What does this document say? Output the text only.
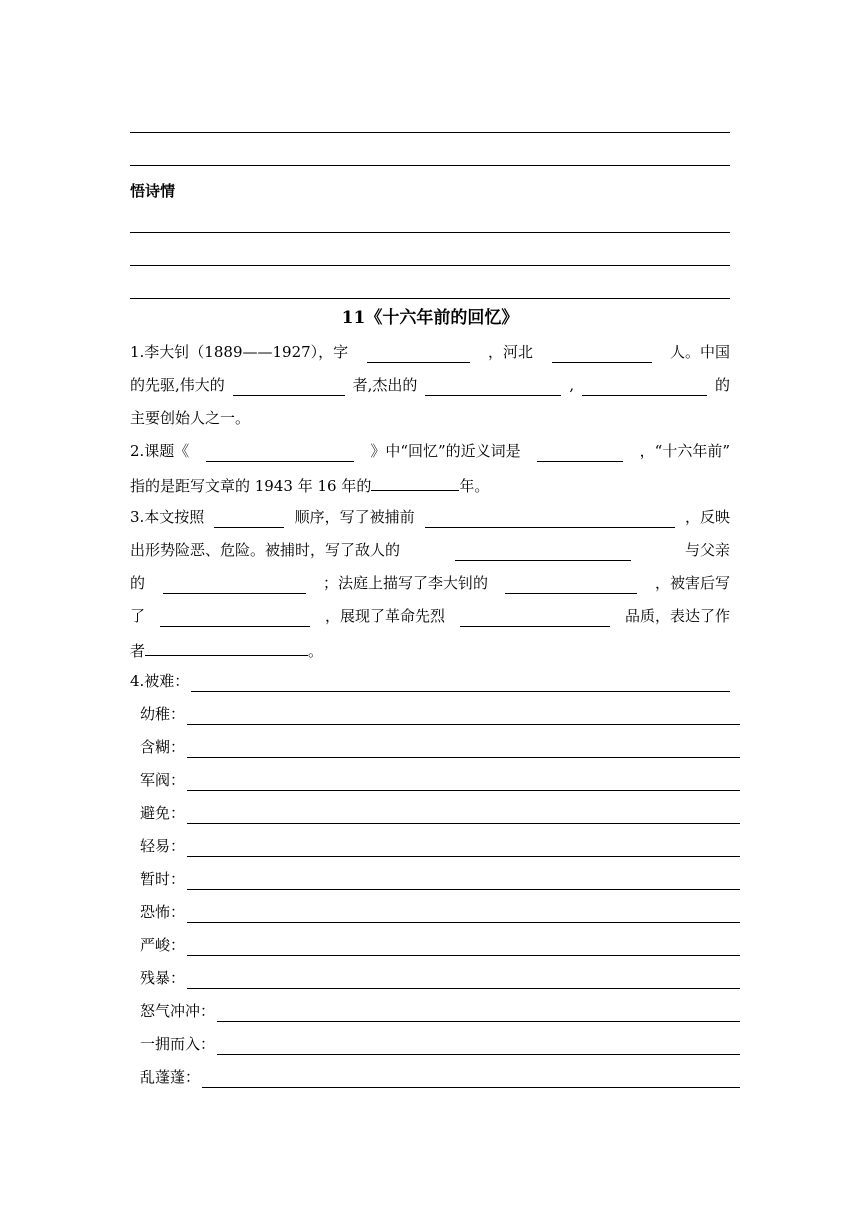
悟诗情
11《十六年前的回忆》
1.李大钊（1889——1927），字	，河北	人。中国
的先驱,伟大的	者,杰出的	,	的
主要创始人之一。
2.课题《	》中“回忆”的近义词是	，“十六年前”
指的是距写文章的 1943 年 16 年的	年。
3.本文按照	顺序，写了被捕前	，反映
出形势险恶、危险。被捕时，写了敌人的	与父亲
的	；法庭上描写了李大钊的	，被害后写
了	，展现了革命先烈	品质，表达了作
者	。
4.被难：
幼稚：
含糊：
军阀：
避免：
轻易：
暂时：
恐怖：
严峻：
残暴：
怒气冲冲：
一拥而入：
乱蓬蓬：
